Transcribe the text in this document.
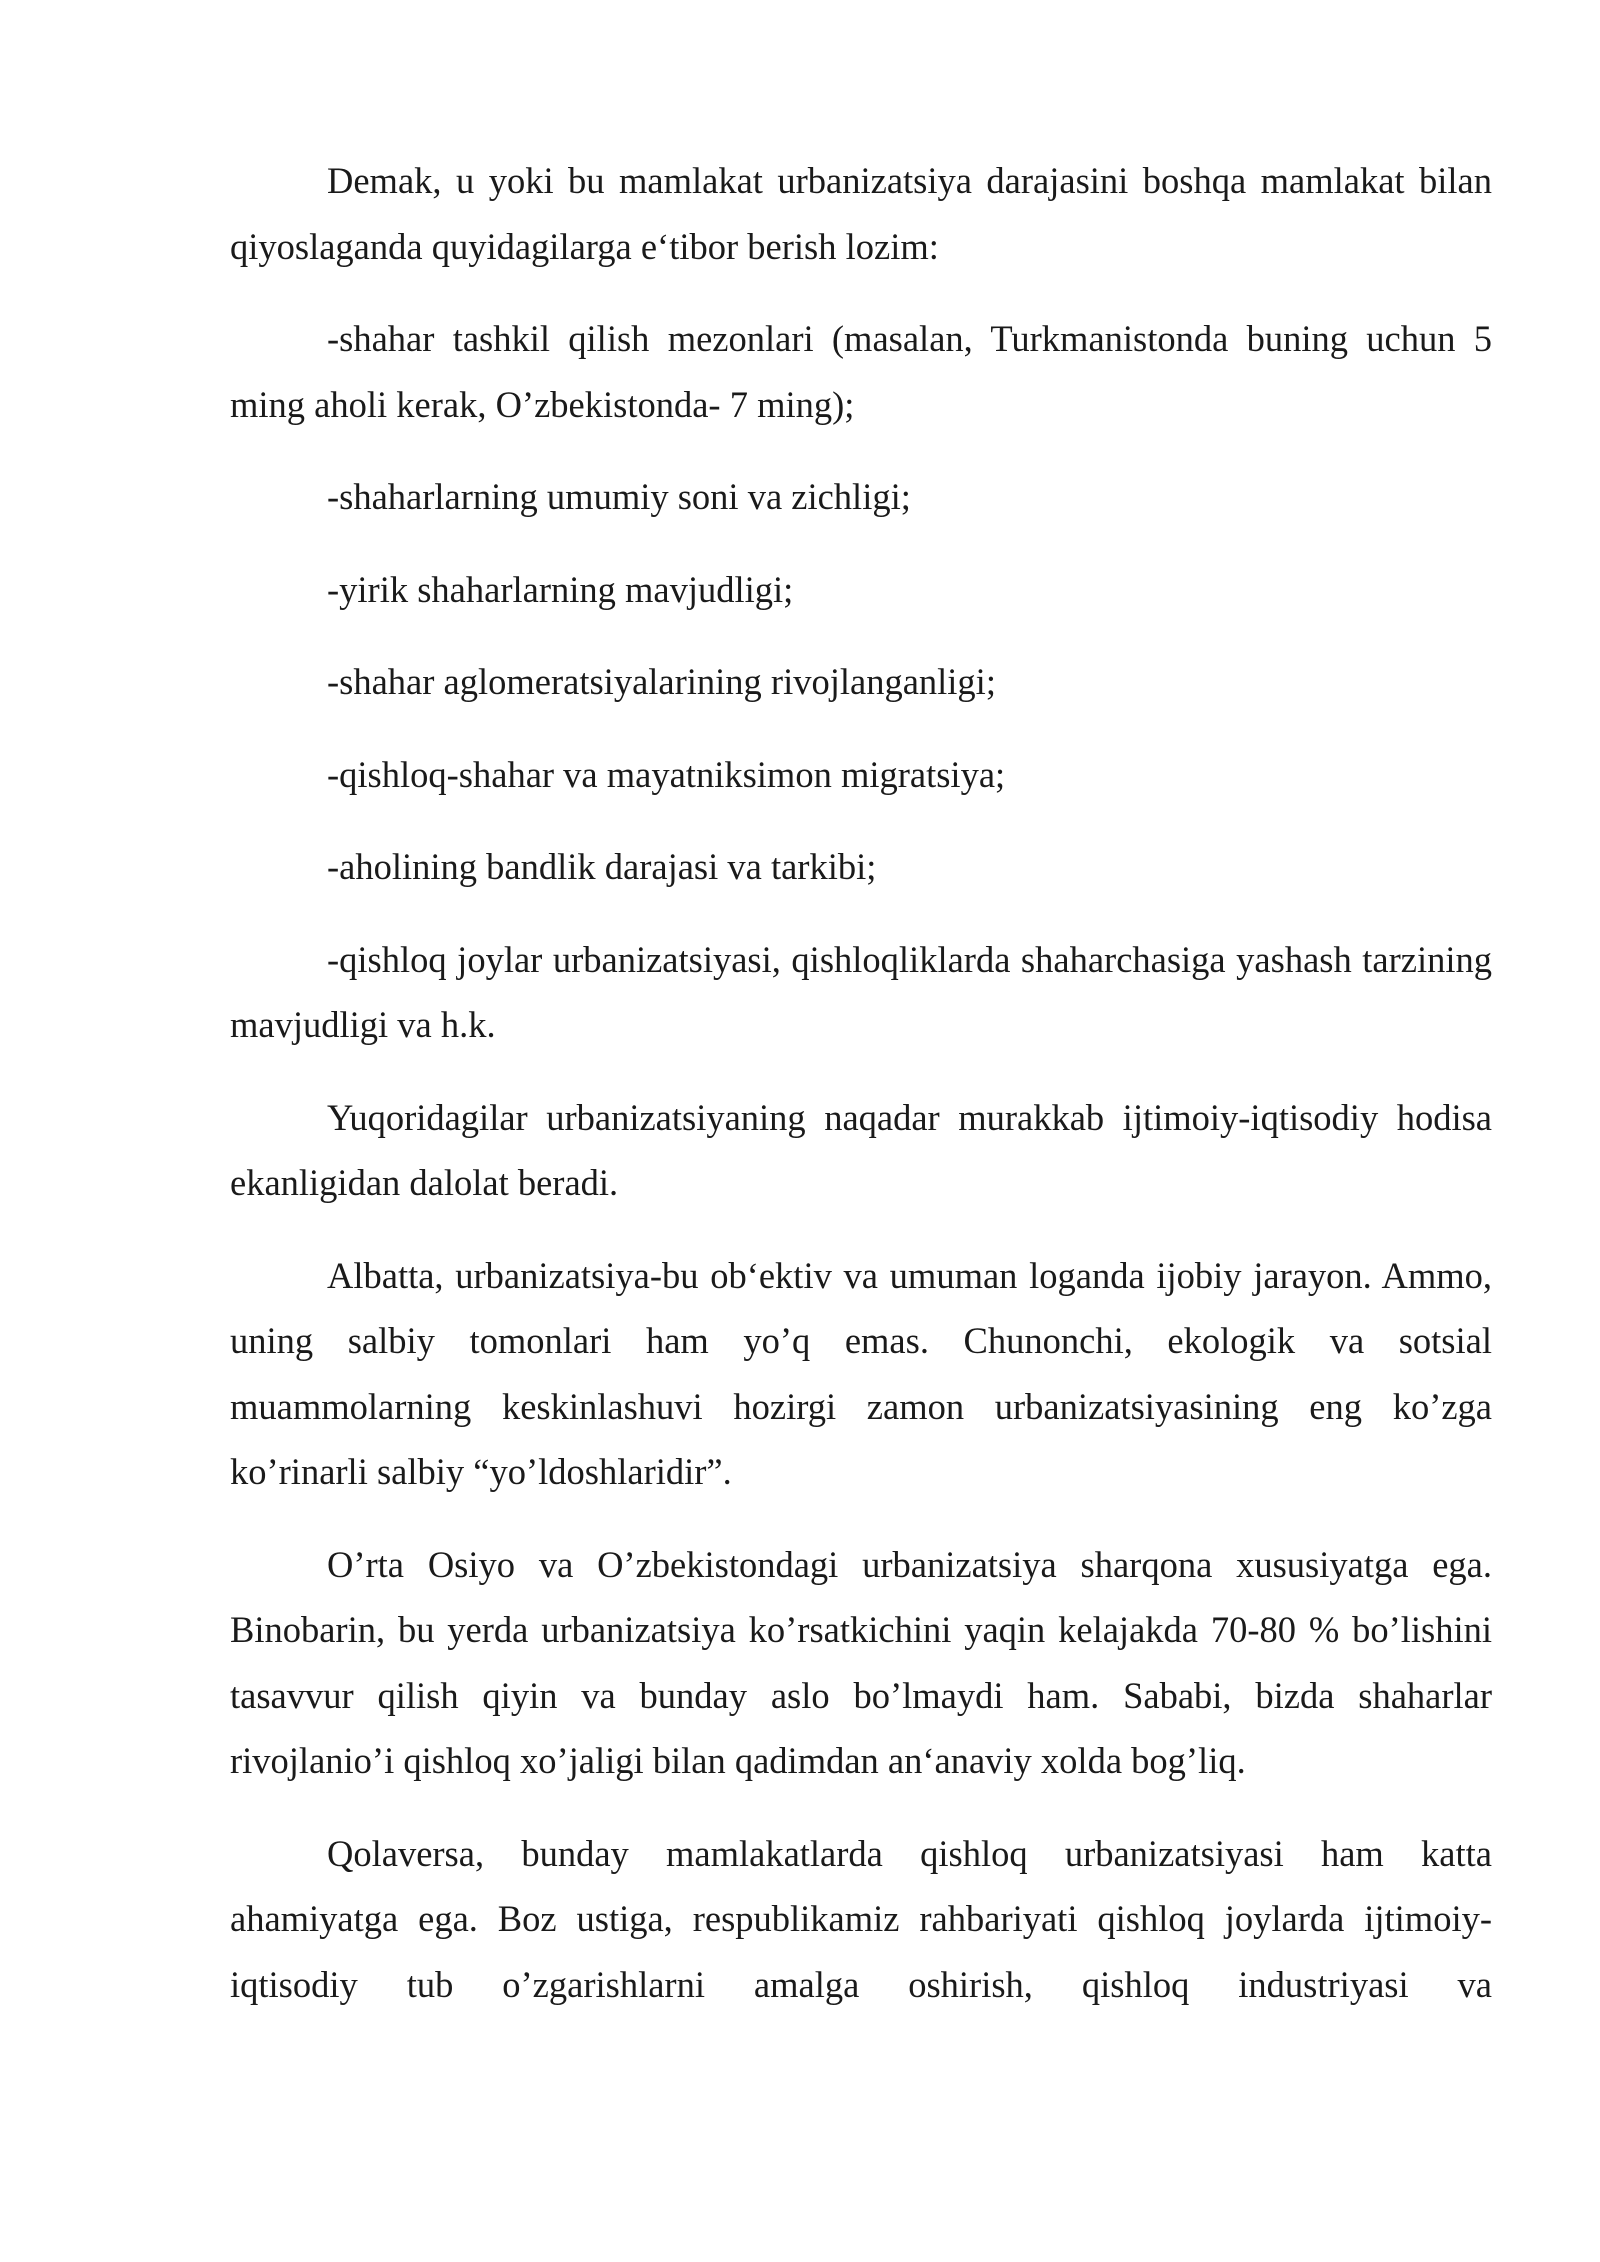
Demak, u yoki bu mamlakat urbanizatsiya darajasini boshqa mamlakat bilan qiyoslaganda quyidagilarga e‘tibor berish lozim:

-shahar tashkil qilish mezonlari (masalan, Turkmanistonda buning uchun 5 ming aholi kerak, O’zbekistonda- 7 ming);

-shaharlarning umumiy soni va zichligi;

-yirik shaharlarning mavjudligi;

-shahar aglomeratsiyalarining rivojlanganligi;

-qishloq-shahar va mayatniksimon migratsiya;

-aholining bandlik darajasi va tarkibi;

-qishloq joylar urbanizatsiyasi, qishloqliklarda shaharchasiga yashash tarzining mavjudligi va h.k.

Yuqoridagilar urbanizatsiyaning naqadar murakkab ijtimoiy-iqtisodiy hodisa ekanligidan dalolat beradi.

Albatta, urbanizatsiya-bu ob‘ektiv va umuman loganda ijobiy jarayon. Ammo, uning salbiy tomonlari ham yo’q emas. Chunonchi, ekologik va sotsial muammolarning keskinlashuvi hozirgi zamon urbanizatsiyasining eng ko’zga ko’rinarli salbiy “yo’ldoshlaridir”.

O’rta Osiyo va O’zbekistondagi urbanizatsiya sharqona xususiyatga ega. Binobarin, bu yerda urbanizatsiya ko’rsatkichini yaqin kelajakda 70-80 % bo’lishini tasavvur qilish qiyin va bunday aslo bo’lmaydi ham. Sababi, bizda shaharlar rivojlanio’i qishloq xo’jaligi bilan qadimdan an‘anaviy xolda bog’liq.

Qolaversa, bunday mamlakatlarda qishloq urbanizatsiyasi ham katta ahamiyatga ega. Boz ustiga, respublikamiz rahbariyati qishloq joylarda ijtimoiy-iqtisodiy tub o’zgarishlarni amalga oshirish, qishloq industriyasi va
